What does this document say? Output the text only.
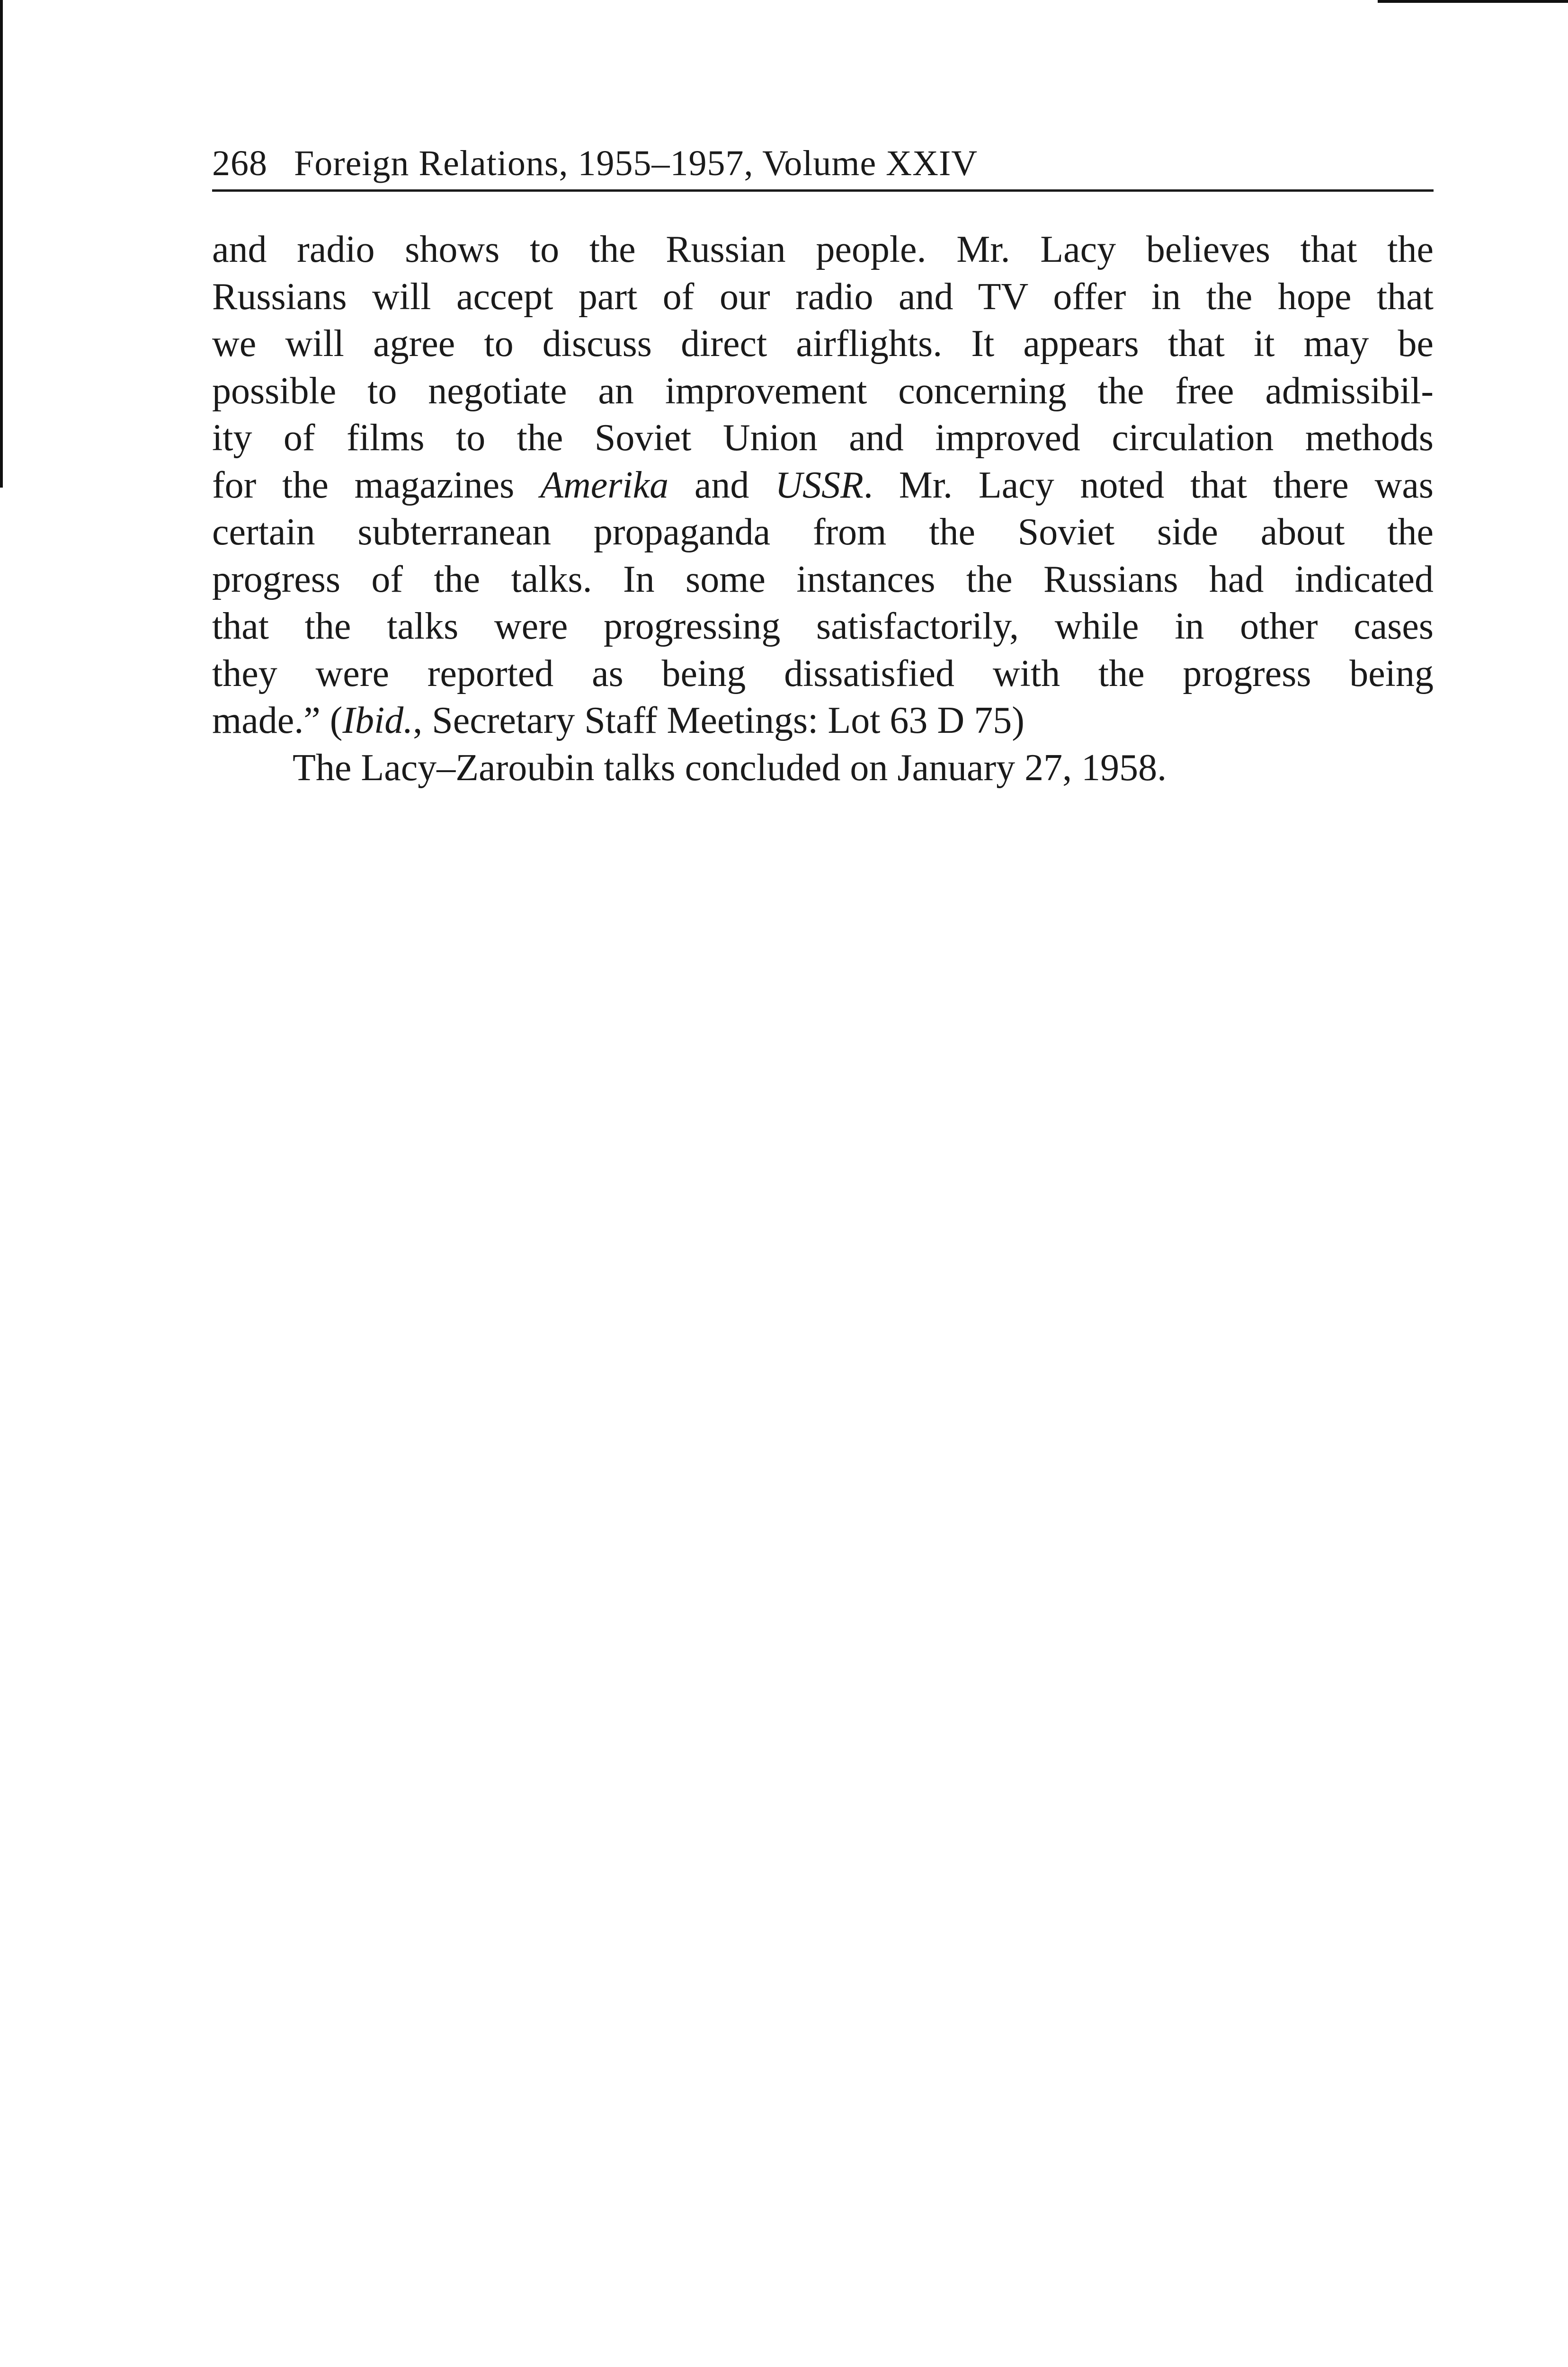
268 Foreign Relations, 1955–1957, Volume XXIV

and radio shows to the Russian people. Mr. Lacy believes that the

Russians will accept part of our radio and TV offer in the hope that

we will agree to discuss direct airflights. It appears that it may be

possible to negotiate an improvement concerning the free admissibil-

ity of films to the Soviet Union and improved circulation methods

for the magazines Amerika and USSR. Mr. Lacy noted that there was

certain subterranean propaganda from the Soviet side about the

progress of the talks. In some instances the Russians had indicated

that the talks were progressing satisfactorily, while in other cases

they were reported as being dissatisfied with the progress being

made.” (Ibid., Secretary Staff Meetings: Lot 63 D 75)

The Lacy–Zaroubin talks concluded on January 27, 1958.
